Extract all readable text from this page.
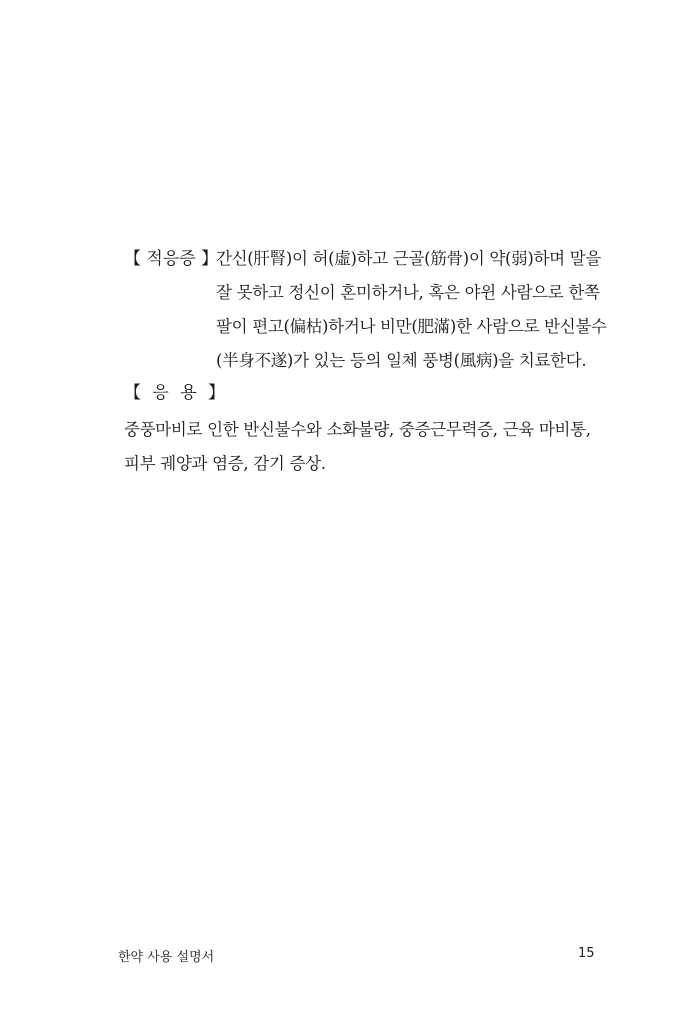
【 적응증 】
간신(肝腎)이 허(虛)하고 근골(筋骨)이 약(弱)하며 말을
잘 못하고 정신이 혼미하거나, 혹은 야윈 사람으로 한쪽
팔이 편고(偏枯)하거나 비만(肥滿)한 사람으로 반신불수
(半身不遂)가 있는 등의 일체 풍병(風病)을 치료한다.
【 응 용 】
중풍마비로 인한 반신불수와 소화불량, 중증근무력증, 근육 마비통,
피부 궤양과 염증, 감기 증상.
한약 사용 설명서	15
